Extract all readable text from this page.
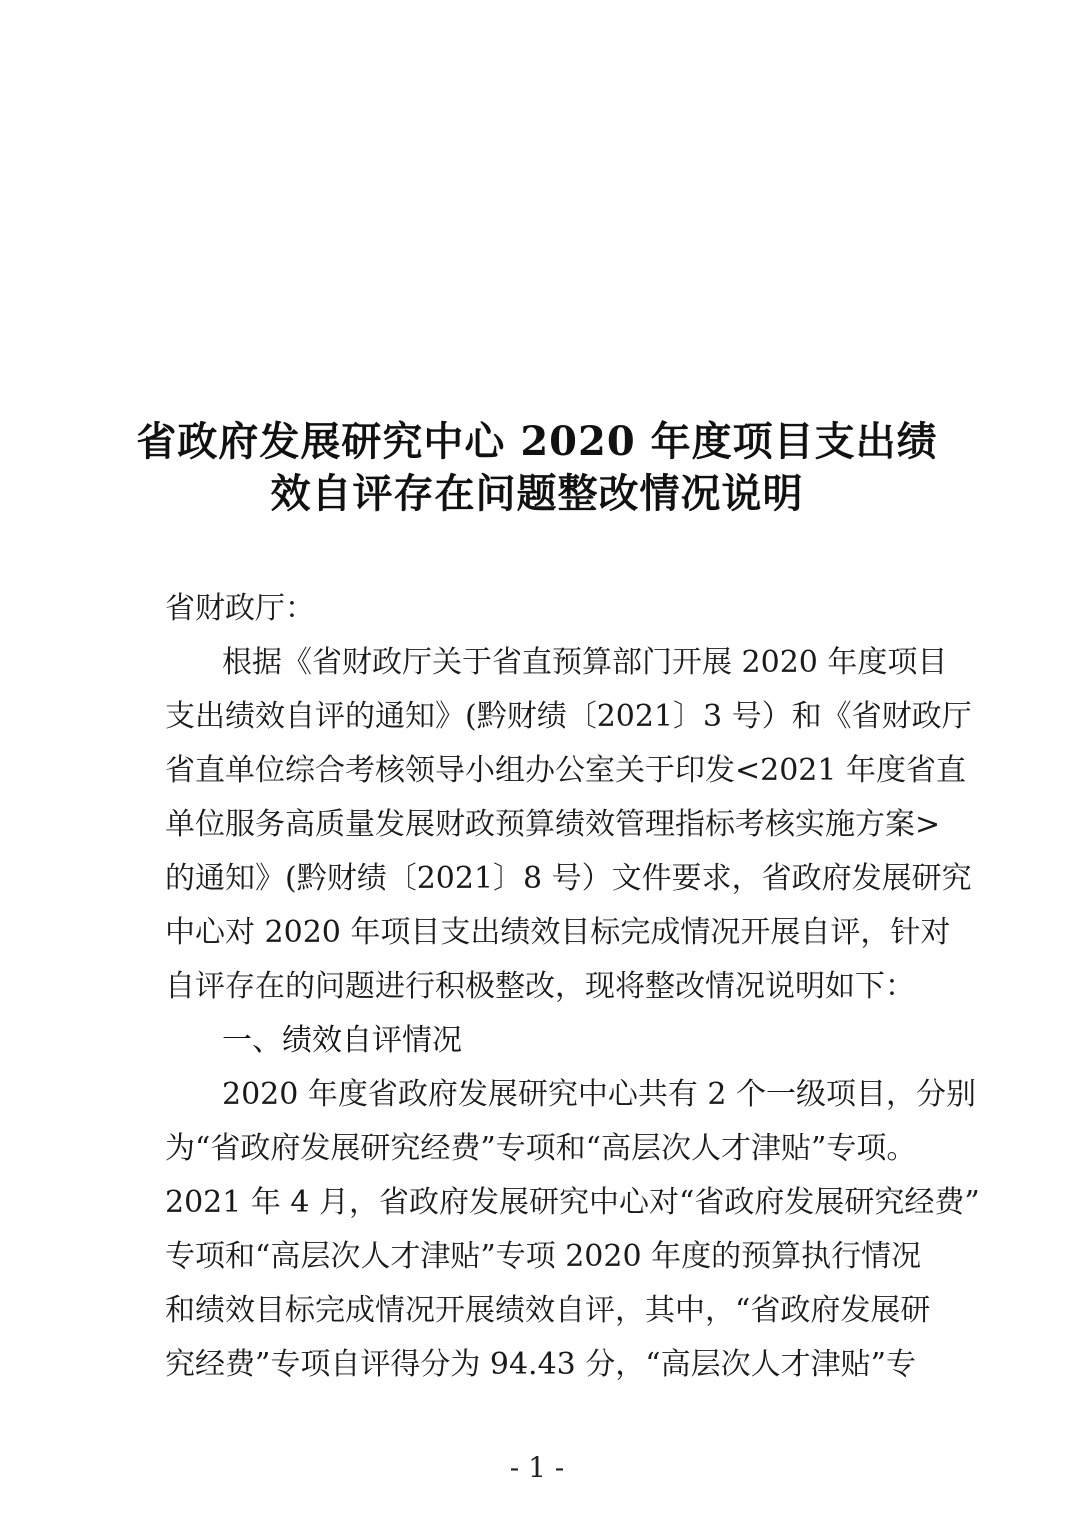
省政府发展研究中心 2020 年度项目支出绩
效自评存在问题整改情况说明
省财政厅：
根据《省财政厅关于省直预算部门开展 2020 年度项目
支出绩效自评的通知》(黔财绩〔2021〕3 号）和《省财政厅
省直单位综合考核领导小组办公室关于印发<2021 年度省直
单位服务高质量发展财政预算绩效管理指标考核实施方案>
的通知》(黔财绩〔2021〕8 号）文件要求，省政府发展研究
中心对 2020 年项目支出绩效目标完成情况开展自评，针对
自评存在的问题进行积极整改，现将整改情况说明如下：
一、绩效自评情况
2020 年度省政府发展研究中心共有 2 个一级项目，分别
为“省政府发展研究经费”专项和“高层次人才津贴”专项。
2021 年 4 月，省政府发展研究中心对“省政府发展研究经费”
专项和“高层次人才津贴”专项 2020 年度的预算执行情况
和绩效目标完成情况开展绩效自评，其中，“省政府发展研
究经费”专项自评得分为 94.43 分，“高层次人才津贴”专
- 1 -
